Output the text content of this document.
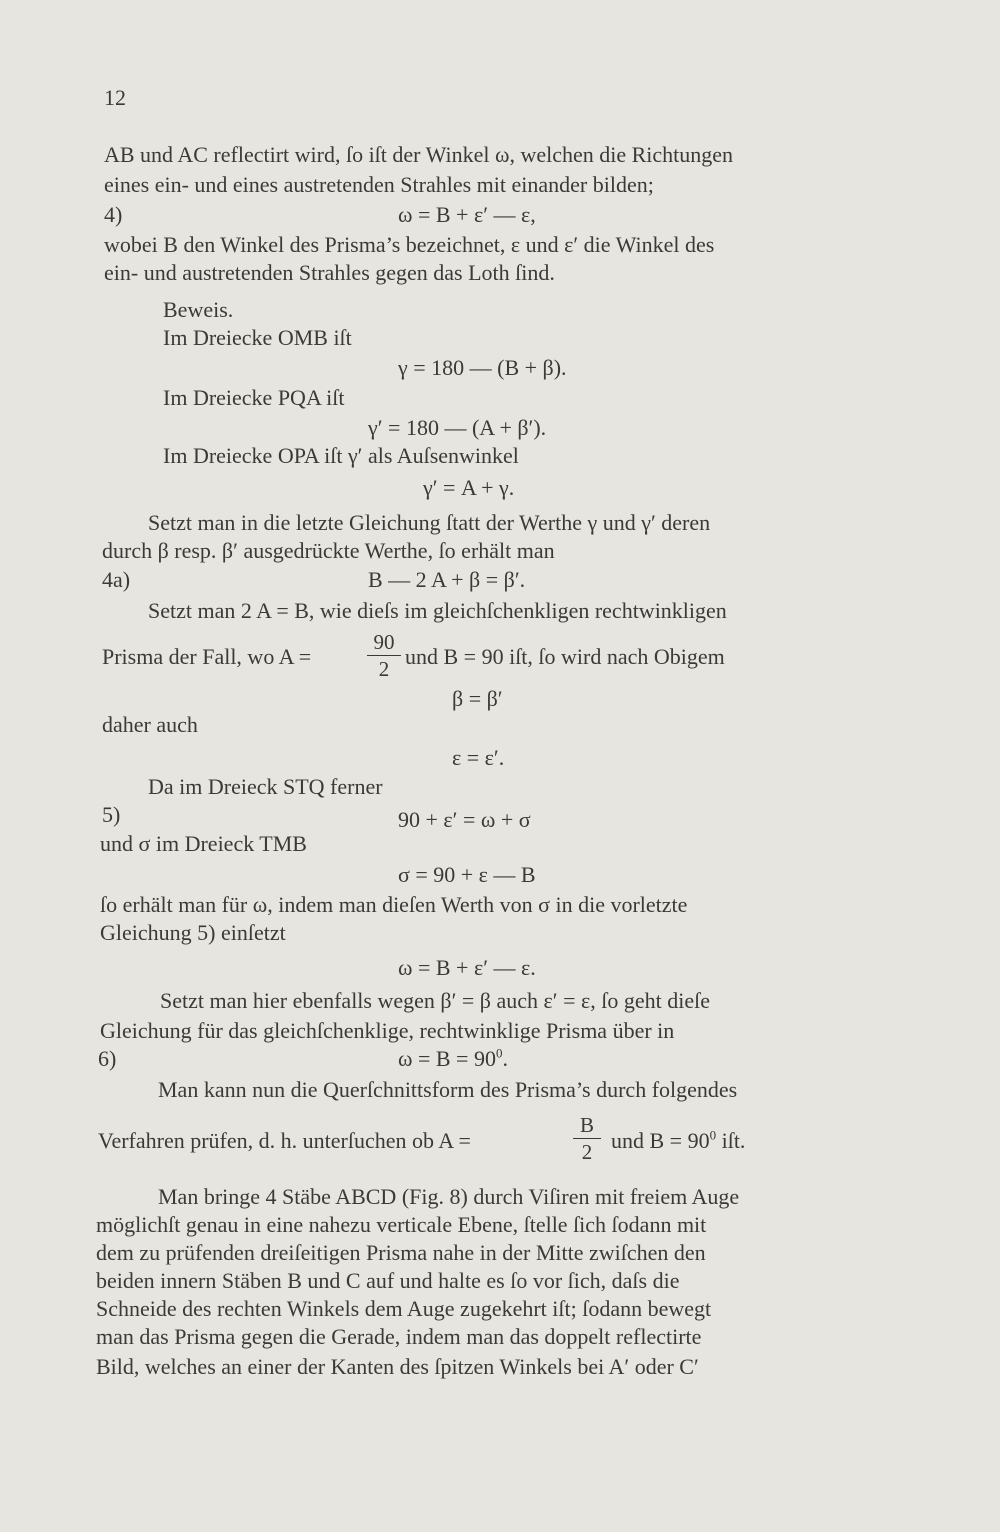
12
AB und AC reflectirt wird, ſo iſt der Winkel ω, welchen die Richtungen
eines ein- und eines austretenden Strahles mit einander bilden;
4)	ω = B + ε′ — ε,
wobei B den Winkel des Prisma’s bezeichnet, ε und ε′ die Winkel des
ein- und austretenden Strahles gegen das Loth ſind.
Beweis.
Im Dreiecke OMB iſt
γ = 180 — (B + β).
Im Dreiecke PQA iſt
γ′ = 180 — (A + β′).
Im Dreiecke OPA iſt γ′ als Auſsenwinkel
γ′ = A + γ.
Setzt man in die letzte Gleichung ſtatt der Werthe γ und γ′ deren
durch β resp. β′ ausgedrückte Werthe, ſo erhält man
4a)	B — 2 A + β = β′.
Setzt man 2 A = B, wie dieſs im gleichſchenkligen rechtwinkligen
Prisma der Fall, wo A =
90
2 und B = 90 iſt, ſo wird nach Obigem
β = β′
daher auch
ε = ε′.
Da im Dreieck STQ ferner
5)	90 + ε′ = ω + σ
und σ im Dreieck TMB
σ = 90 + ε — B
ſo erhält man für ω, indem man dieſen Werth von σ in die vorletzte
Gleichung 5) einſetzt
ω = B + ε′ — ε.
Setzt man hier ebenfalls wegen β′ = β auch ε′ = ε, ſo geht dieſe
Gleichung für das gleichſchenklige, rechtwinklige Prisma über in
6)	$\omega = B = 90^0$.
Man kann nun die Querſchnittsform des Prisma’s durch folgendes
Verfahren prüfen, d. h. unterſuchen ob A =
B
2 und $B = 90^0$ iſt.
Man bringe 4 Stäbe ABCD (Fig. 8) durch Viſiren mit freiem Auge
möglichſt genau in eine nahezu verticale Ebene, ſtelle ſich ſodann mit
dem zu prüfenden dreiſeitigen Prisma nahe in der Mitte zwiſchen den
beiden innern Stäben B und C auf und halte es ſo vor ſich, daſs die
Schneide des rechten Winkels dem Auge zugekehrt iſt; ſodann bewegt
man das Prisma gegen die Gerade, indem man das doppelt reflectirte
Bild, welches an einer der Kanten des ſpitzen Winkels bei A′ oder C′
